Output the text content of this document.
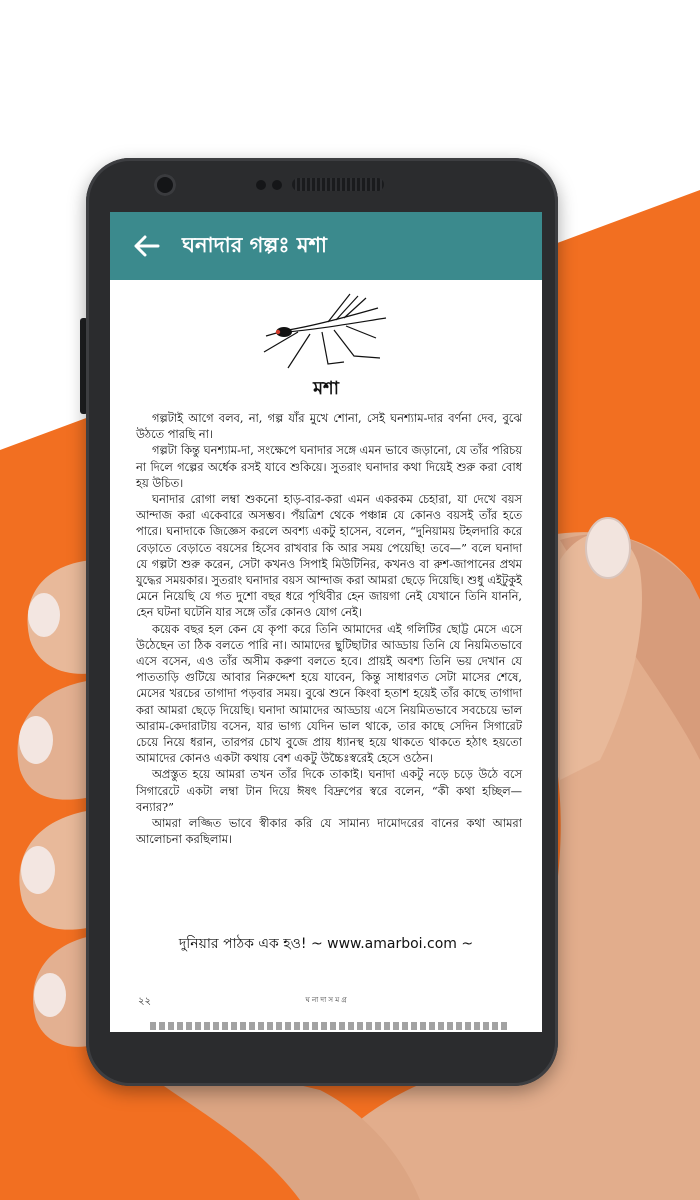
ঘনাদার গল্পঃ মশা
মশা

গল্পটাই আগে বলব, না, গল্প যাঁর মুখে শোনা, সেই ঘনশ্যাম-দার বর্ণনা দেব, বুঝে উঠতে পারছি না।

গল্পটা কিন্তু ঘনশ্যাম-দা, সংক্ষেপে ঘনাদার সঙ্গে এমন ভাবে জড়ানো, যে তাঁর পরিচয় না দিলে গল্পের অর্ধেক রসই যাবে শুকিয়ে। সুতরাং ঘনাদার কথা দিয়েই শুরু করা বোধ হয় উচিত।

ঘনাদার রোগা লম্বা শুকনো হাড়-বার-করা এমন একরকম চেহারা, যা দেখে বয়স আন্দাজ করা একেবারে অসম্ভব। পঁয়ত্রিশ থেকে পঞ্চান্ন যে কোনও বয়সই তাঁর হতে পারে। ঘনাদাকে জিজ্ঞেস করলে অবশ্য একটু হাসেন, বলেন, “দুনিয়াময় টহলদারি করে বেড়াতে বেড়াতে বয়সের হিসেব রাখবার কি আর সময় পেয়েছি! তবে—” বলে ঘনাদা যে গল্পটা শুরু করেন, সেটা কখনও সিপাই মিউটিনির, কখনও বা রুশ-জাপানের প্রথম যুদ্ধের সময়কার। সুতরাং ঘনাদার বয়স আন্দাজ করা আমরা ছেড়ে দিয়েছি। শুধু এইটুকুই মেনে নিয়েছি যে গত দুশো বছর ধরে পৃথিবীর হেন জায়গা নেই যেখানে তিনি যাননি, হেন ঘটনা ঘটেনি যার সঙ্গে তাঁর কোনও যোগ নেই।

কয়েক বছর হল কেন যে কৃপা করে তিনি আমাদের এই গলিটির ছোট্ট মেসে এসে উঠেছেন তা ঠিক বলতে পারি না। আমাদের ছুটিছাটার আড্ডায় তিনি যে নিয়মিতভাবে এসে বসেন, এও তাঁর অসীম করুণা বলতে হবে। প্রায়ই অবশ্য তিনি ভয় দেখান যে পাততাড়ি গুটিয়ে আবার নিরুদ্দেশ হয়ে যাবেন, কিন্তু সাধারণত সেটা মাসের শেষে, মেসের খরচের তাগাদা পড়বার সময়। বুঝে শুনে কিংবা হতাশ হয়েই তাঁর কাছে তাগাদা করা আমরা ছেড়ে দিয়েছি। ঘনাদা আমাদের আড্ডায় এসে নিয়মিতভাবে সবচেয়ে ভাল আরাম-কেদারাটায় বসেন, যার ভাগ্য যেদিন ভাল থাকে, তার কাছে সেদিন সিগারেট চেয়ে নিয়ে ধরান, তারপর চোখ বুজে প্রায় ধ্যানস্থ হয়ে থাকতে থাকতে হঠাৎ হয়তো আমাদের কোনও একটা কথায় বেশ একটু উচ্চৈঃস্বরেই হেসে ওঠেন।

অপ্রস্তুত হয়ে আমরা তখন তাঁর দিকে তাকাই। ঘনাদা একটু নড়ে চড়ে উঠে বসে সিগারেটে একটা লম্বা টান দিয়ে ঈষৎ বিদ্রুপের স্বরে বলেন, “কী কথা হচ্ছিল— বন্যার?”

আমরা লজ্জিত ভাবে স্বীকার করি যে সামান্য দামোদরের বানের কথা আমরা আলোচনা করছিলাম।

দুনিয়ার পাঠক এক হও! ~ www.amarboi.com ~
২২	ঘ না দা স ম গ্র
